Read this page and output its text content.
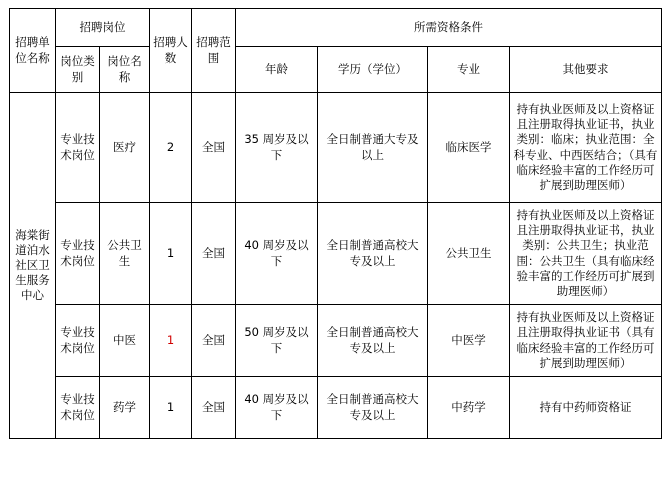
招聘单位名称	招聘岗位		招聘人数	招聘范围	所需资格条件			
	岗位类别	岗位名称			年龄	学历（学位）	专业	其他要求
海棠街道泊水社区卫生服务中心	专业技术岗位	医疗	2	全国	35 周岁及以下	全日制普通大专及以上	临床医学	持有执业医师及以上资格证且注册取得执业证书，执业类别：临床；执业范围：全科专业、中西医结合；（具有临床经验丰富的工作经历可扩展到助理医师）
	专业技术岗位	公共卫生	1	全国	40 周岁及以下	全日制普通高校大专及以上	公共卫生	持有执业医师及以上资格证且注册取得执业证书，执业类别：公共卫生；执业范围：公共卫生（具有临床经验丰富的工作经历可扩展到助理医师）
	专业技术岗位	中医	1	全国	50 周岁及以下	全日制普通高校大专及以上	中医学	持有执业医师及以上资格证且注册取得执业证书（具有临床经验丰富的工作经历可扩展到助理医师）
	专业技术岗位	药学	1	全国	40 周岁及以下	全日制普通高校大专及以上	中药学	持有中药师资格证
